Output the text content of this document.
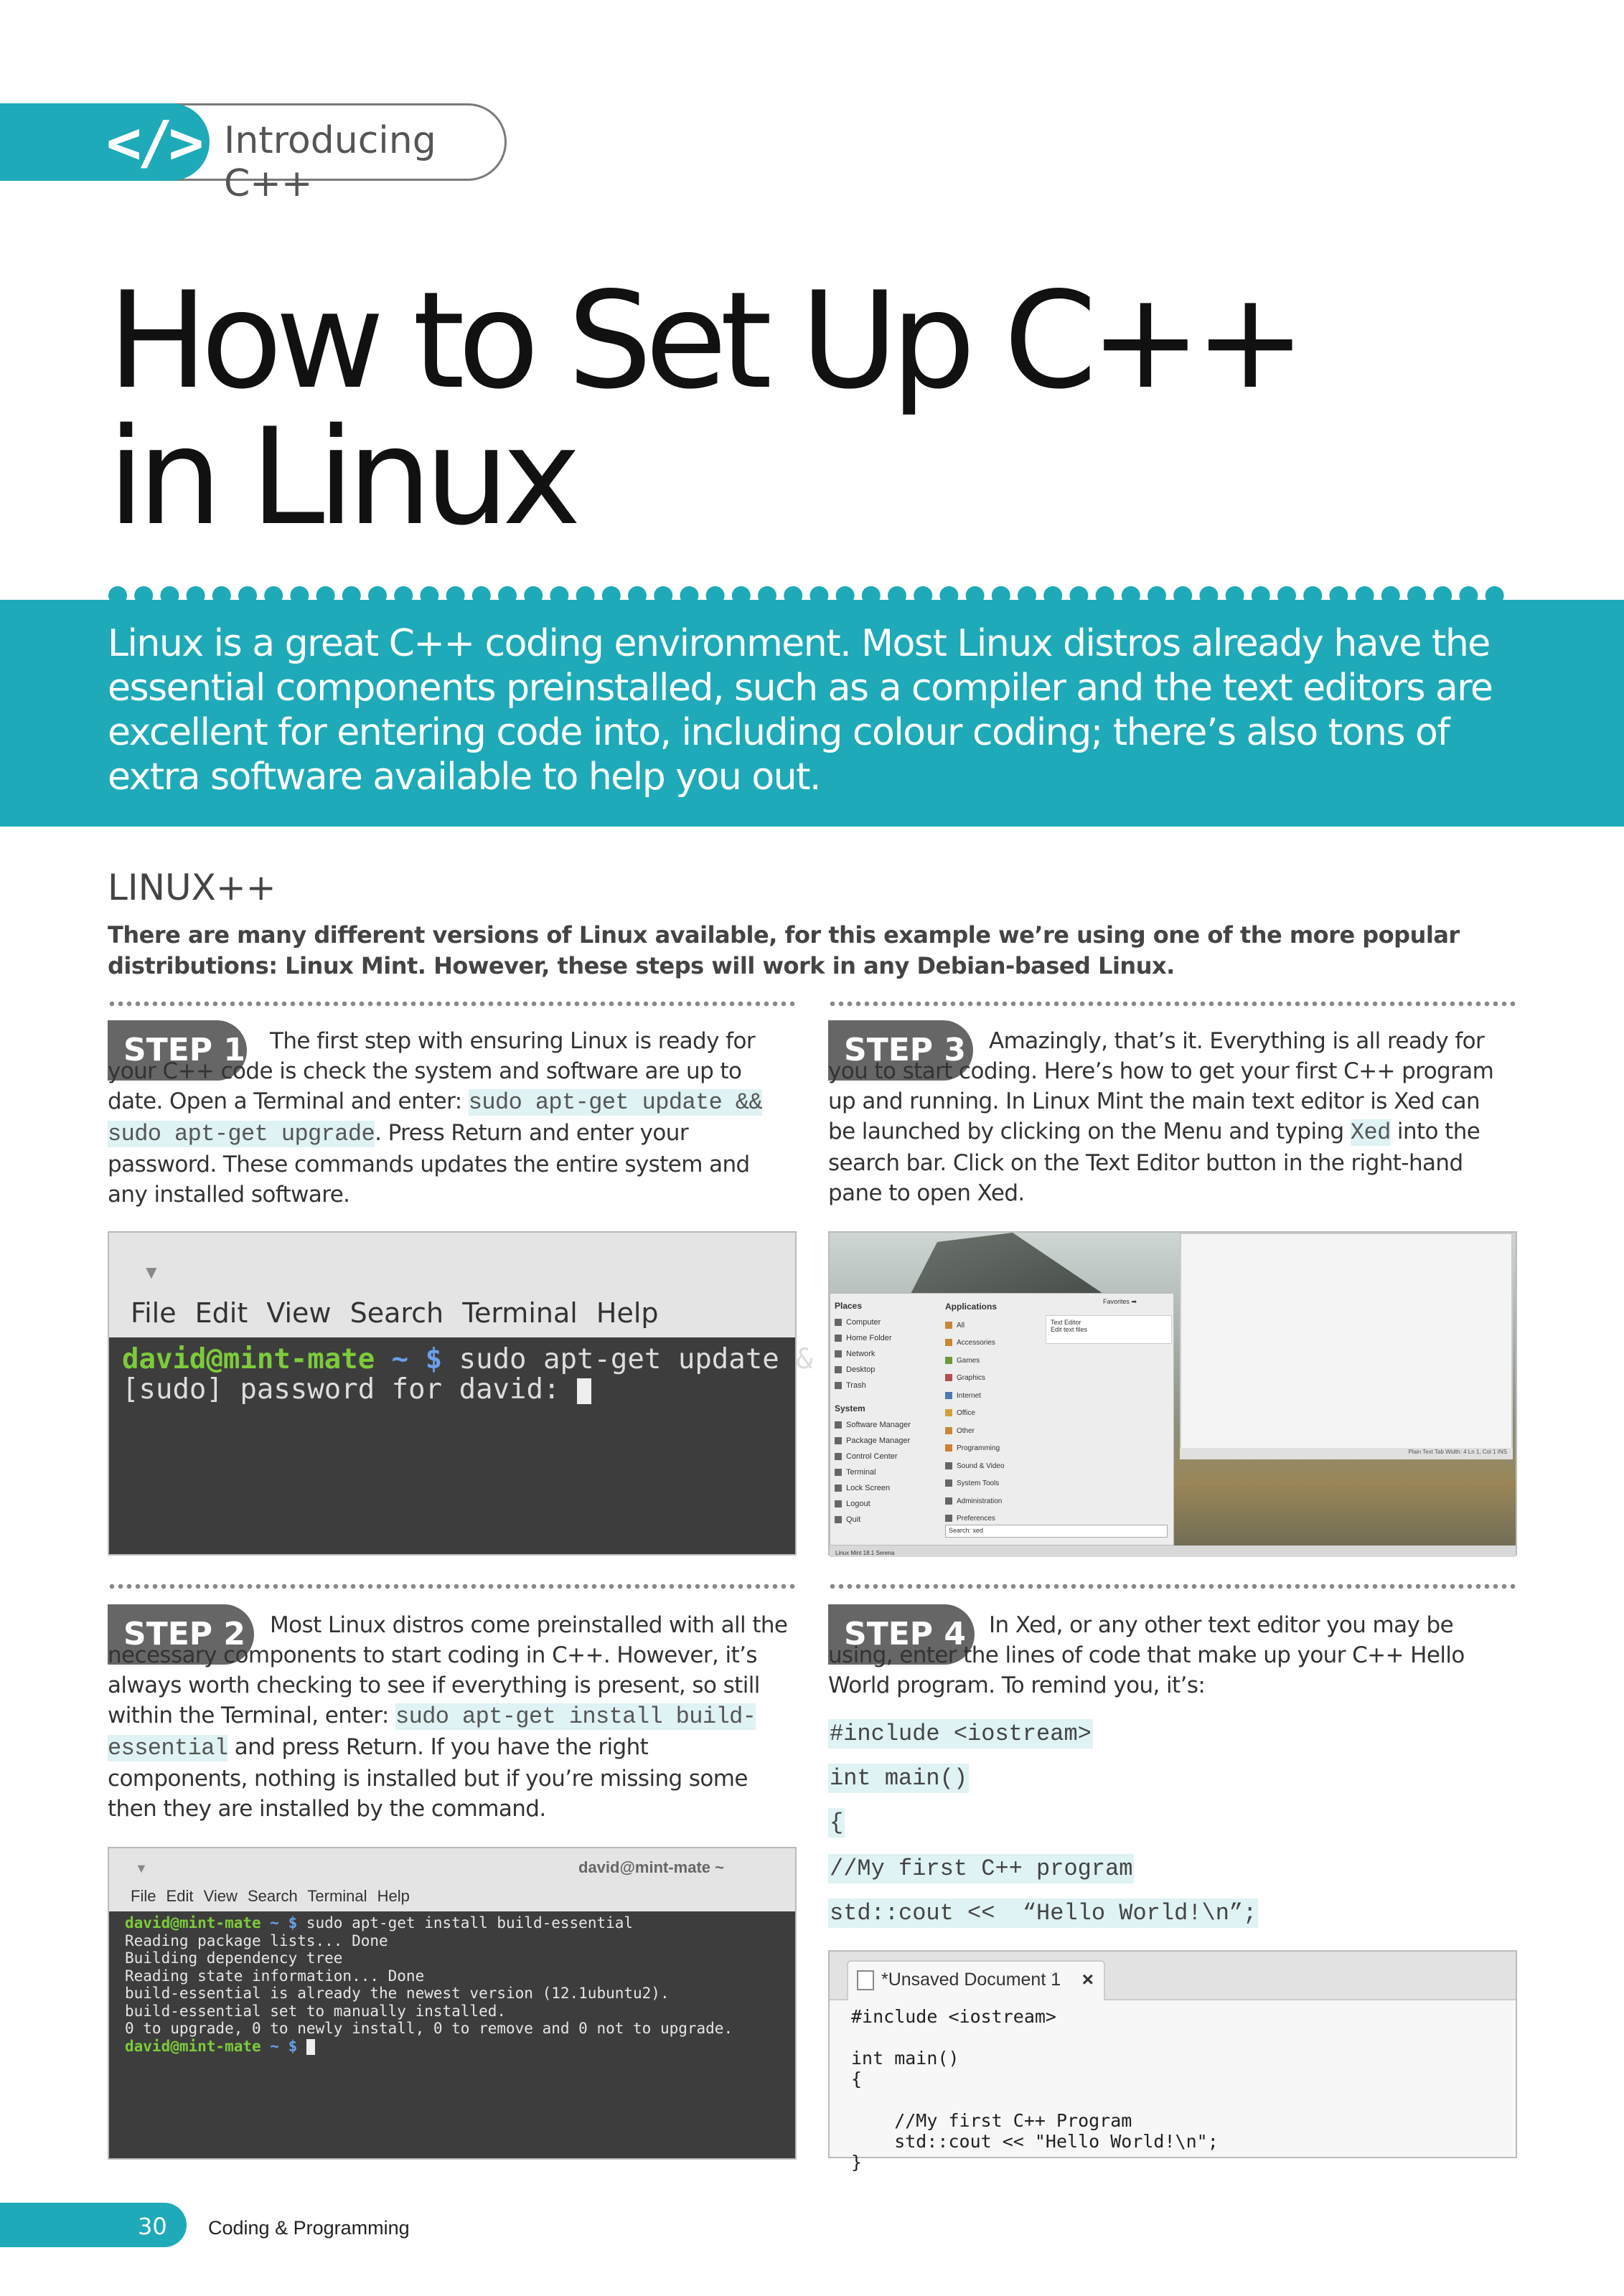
</> Introducing C++
How to Set Up C++
in Linux
Linux is a great C++ coding environment. Most Linux distros already have the essential components preinstalled, such as a compiler and the text editors are excellent for entering code into, including colour coding; there’s also tons of extra software available to help you out.
LINUX++
There are many different versions of Linux available, for this example we’re using one of the more popular distributions: Linux Mint. However, these steps will work in any Debian-based Linux.
STEP 1	The first step with ensuring Linux is ready for your C++ code is check the system and software are up to date. Open a Terminal and enter: sudo apt-get update && sudo apt-get upgrade. Press Return and enter your password. These commands updates the entire system and any installed software.
STEP 3	Amazingly, that’s it. Everything is all ready for you to start coding. Here’s how to get your first C++ program up and running. In Linux Mint the main text editor is Xed can be launched by clicking on the Menu and typing Xed into the search bar. Click on the Text Editor button in the right-hand pane to open Xed.
▼
File Edit View Search Terminal Help
david@mint-mate ~ $ sudo apt-get update &
[sudo] password for david:
Plain Text Tab Width: 4 Ln 1, Col 1 INS
Places
Computer
Home Folder
Network
Desktop
Trash
System
Software Manager
Package Manager
Control Center
Terminal
Lock Screen
Logout
Quit
Applications
All
Accessories
Games
Graphics
Internet
Office
Other
Programming
Sound & Video
System Tools
Administration
Preferences
Favorites ➡
Text Editor
Edit text files
Search: xed
Linux Mint 18.1 Serena
STEP 2	Most Linux distros come preinstalled with all the necessary components to start coding in C++. However, it’s always worth checking to see if everything is present, so still within the Terminal, enter: sudo apt-get install build-essential and press Return. If you have the right components, nothing is installed but if you’re missing some then they are installed by the command.
STEP 4	In Xed, or any other text editor you may be using, enter the lines of code that make up your C++ Hello World program. To remind you, it’s:
#include <iostream>
int main()
{
//My first C++ program
std::cout <<  “Hello World!\n”;
▼	david@mint-mate ~
File Edit View Search Terminal Help
david@mint-mate ~ $ sudo apt-get install build-essential
Reading package lists... Done
Building dependency tree
Reading state information... Done
build-essential is already the newest version (12.1ubuntu2).
build-essential set to manually installed.
0 to upgrade, 0 to newly install, 0 to remove and 0 not to upgrade.
david@mint-mate ~ $
*Unsaved Document 1 ×
#include <iostream>

int main()
{

//My first C++ Program
std::cout << "Hello World!\n";
}
30 Coding & Programming
